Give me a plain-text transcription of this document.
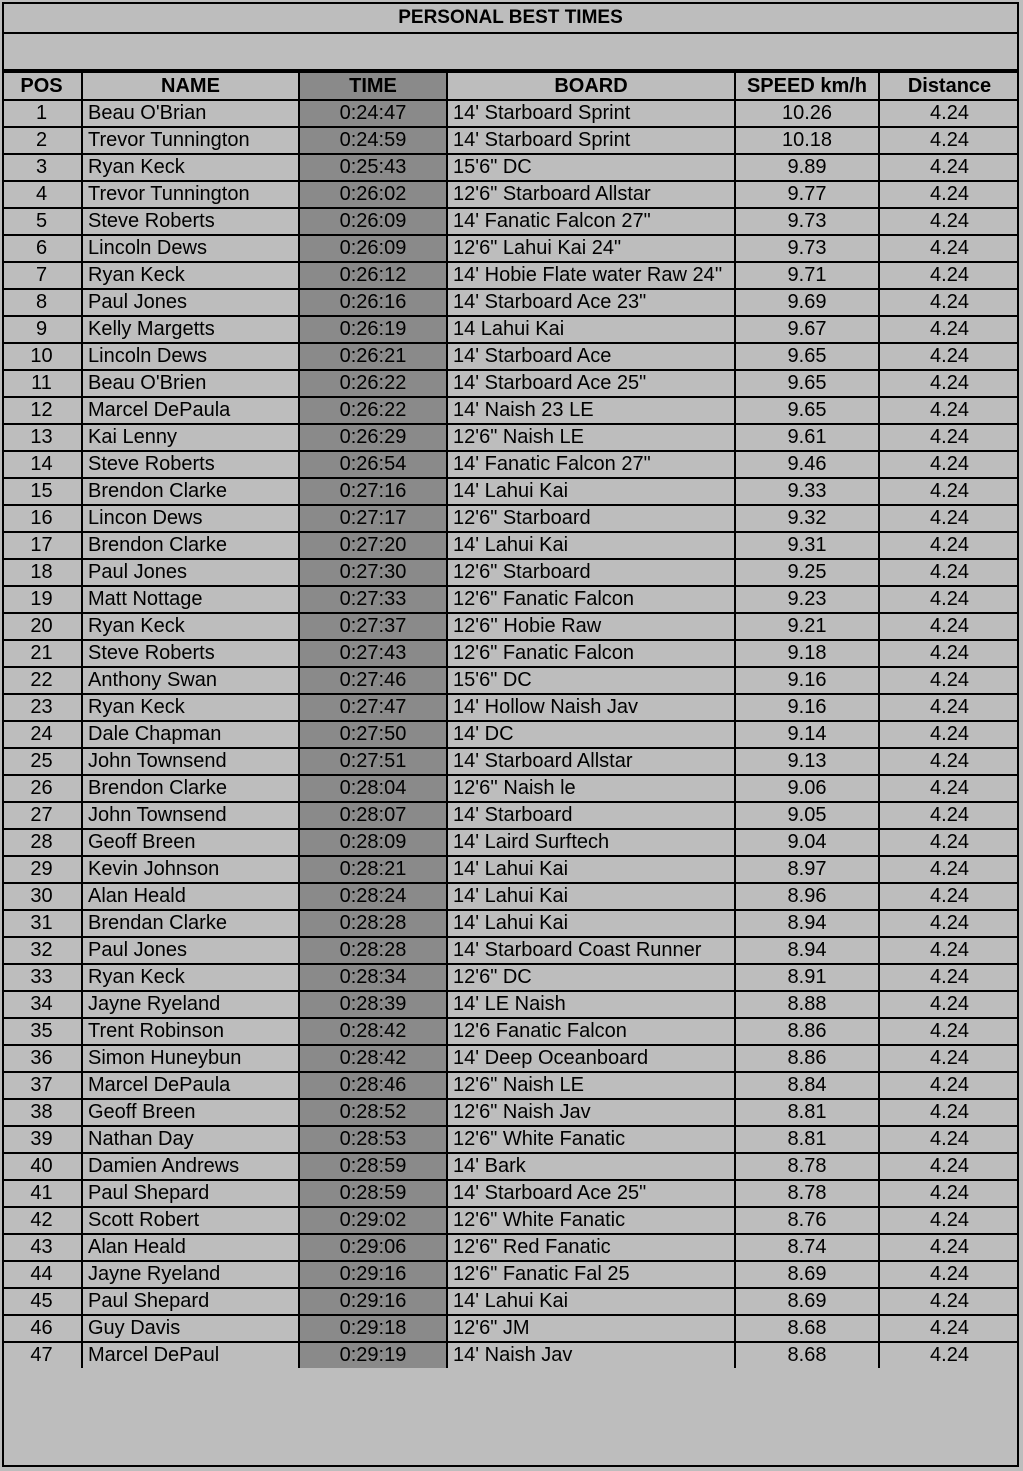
PERSONAL BEST TIMES
POS	NAME	TIME	BOARD	SPEED km/h	Distance
1	Beau O'Brian	0:24:47	14' Starboard Sprint	10.26	4.24
2	Trevor Tunnington	0:24:59	14' Starboard Sprint	10.18	4.24
3	Ryan Keck	0:25:43	15'6" DC	9.89	4.24
4	Trevor Tunnington	0:26:02	12'6" Starboard Allstar	9.77	4.24
5	Steve Roberts	0:26:09	14' Fanatic Falcon 27"	9.73	4.24
6	Lincoln Dews	0:26:09	12'6" Lahui Kai 24"	9.73	4.24
7	Ryan Keck	0:26:12	14' Hobie Flate water Raw 24''	9.71	4.24
8	Paul Jones	0:26:16	14' Starboard Ace 23"	9.69	4.24
9	Kelly Margetts	0:26:19	14 Lahui Kai	9.67	4.24
10	Lincoln Dews	0:26:21	14' Starboard Ace	9.65	4.24
11	Beau O'Brien	0:26:22	14' Starboard Ace 25"	9.65	4.24
12	Marcel DePaula	0:26:22	14' Naish 23 LE	9.65	4.24
13	Kai Lenny	0:26:29	12'6" Naish LE	9.61	4.24
14	Steve Roberts	0:26:54	14' Fanatic Falcon 27"	9.46	4.24
15	Brendon Clarke	0:27:16	14' Lahui Kai	9.33	4.24
16	Lincon Dews	0:27:17	12'6" Starboard	9.32	4.24
17	Brendon Clarke	0:27:20	14' Lahui Kai	9.31	4.24
18	Paul Jones	0:27:30	12'6" Starboard	9.25	4.24
19	Matt Nottage	0:27:33	12'6" Fanatic Falcon	9.23	4.24
20	Ryan Keck	0:27:37	12'6'' Hobie Raw	9.21	4.24
21	Steve Roberts	0:27:43	12'6" Fanatic Falcon	9.18	4.24
22	Anthony Swan	0:27:46	15'6" DC	9.16	4.24
23	Ryan Keck	0:27:47	14' Hollow Naish Jav	9.16	4.24
24	Dale Chapman	0:27:50	14' DC	9.14	4.24
25	John Townsend	0:27:51	14' Starboard Allstar	9.13	4.24
26	Brendon Clarke	0:28:04	12'6'' Naish le	9.06	4.24
27	John Townsend	0:28:07	14' Starboard	9.05	4.24
28	Geoff Breen	0:28:09	14' Laird Surftech	9.04	4.24
29	Kevin Johnson	0:28:21	14' Lahui Kai	8.97	4.24
30	Alan Heald	0:28:24	14' Lahui Kai	8.96	4.24
31	Brendan Clarke	0:28:28	14' Lahui Kai	8.94	4.24
32	Paul Jones	0:28:28	14' Starboard Coast Runner	8.94	4.24
33	Ryan Keck	0:28:34	12'6" DC	8.91	4.24
34	Jayne Ryeland	0:28:39	14' LE Naish	8.88	4.24
35	Trent Robinson	0:28:42	12'6 Fanatic Falcon	8.86	4.24
36	Simon Huneybun	0:28:42	14' Deep Oceanboard	8.86	4.24
37	Marcel DePaula	0:28:46	12'6" Naish LE	8.84	4.24
38	Geoff Breen	0:28:52	12'6" Naish Jav	8.81	4.24
39	Nathan Day	0:28:53	12'6" White Fanatic	8.81	4.24
40	Damien Andrews	0:28:59	14' Bark	8.78	4.24
41	Paul Shepard	0:28:59	14' Starboard Ace 25"	8.78	4.24
42	Scott Robert	0:29:02	12'6" White Fanatic	8.76	4.24
43	Alan Heald	0:29:06	12'6" Red Fanatic	8.74	4.24
44	Jayne Ryeland	0:29:16	12'6" Fanatic Fal 25	8.69	4.24
45	Paul Shepard	0:29:16	14' Lahui Kai	8.69	4.24
46	Guy Davis	0:29:18	12'6" JM	8.68	4.24
47	Marcel DePaul	0:29:19	14' Naish Jav	8.68	4.24
